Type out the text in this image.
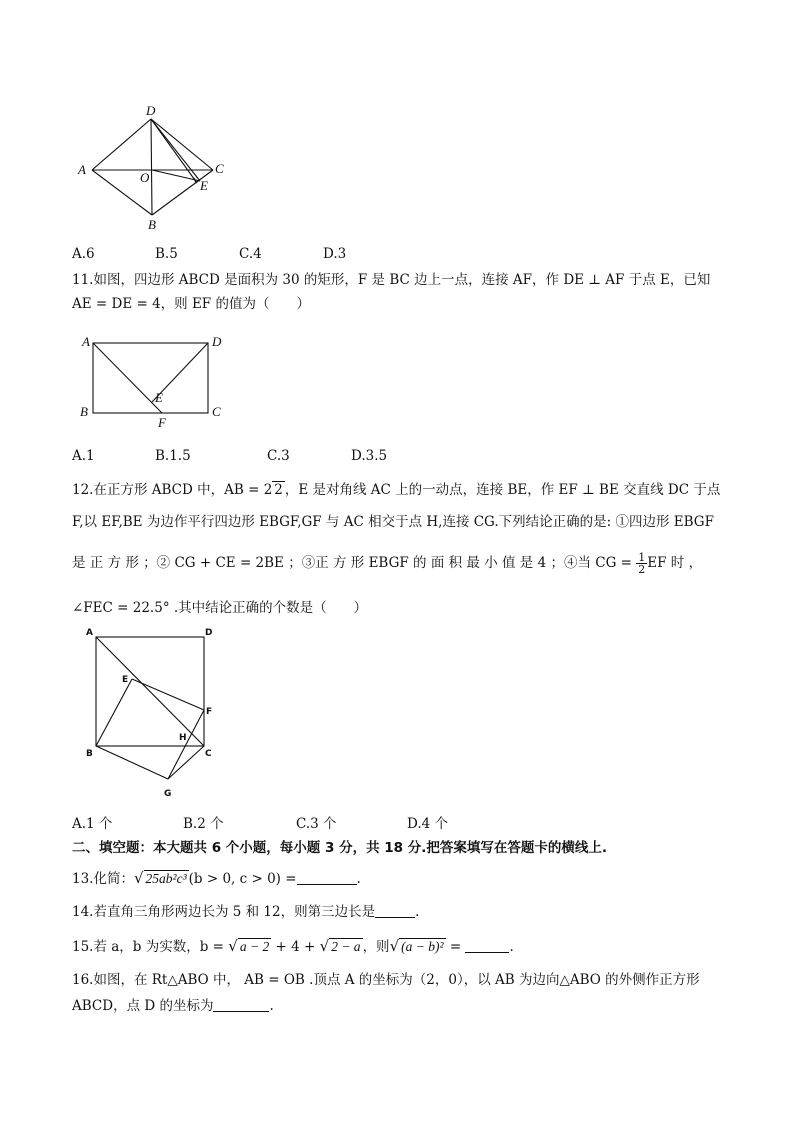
D
A
O
C
E
B
A.6	B.5	C.4	D.3
11.如图，四边形 ABCD 是面积为 30 的矩形，F 是 BC 边上一点，连接 AF，作 DE ⊥ AF 于点 E，已知
AE = DE = 4，则 EF 的值为（　　）
A	D
E
B
F
C
A.1	B.1.5	C.3	D.3.5
12.在正方形 ABCD 中，AB = 2 2 ，E 是对角线 AC 上的一动点，连接 BE，作 EF ⊥ BE 交直线 DC 于点
F,以 EF,BE 为边作平行四边形 EBGF,GF 与 AC 相交于点 H,连接 CG.下列结论正确的是: ①四边形 EBGF
是 正 方 形 ；② CG + CE = 2BE ；③正 方 形 EBGF 的 面 积 最 小 值 是 4 ；④当 CG = $\frac{1}{2}$ EF 时 ，
∠FEC = 22.5° .其中结论正确的个数是（　　）
A	D
E
F
H
B	C
G
A.1 个	B.2 个	C.3 个	D.4 个
二、填空题：本大题共 6 个小题，每小题 3 分，共 18 分.把答案填写在答题卡的横线上.
13.化简：√ 25ab²c³ (b > 0, c > 0) =	.
14.若直角三角形两边长为 5 和 12，则第三边长是	.
15.若 a，b 为实数，b = √ a − 2 + 4 + √ 2 − a ，则√ (a − b)² =	.
16.如图，在 Rt△ABO 中， AB = OB .顶点 A 的坐标为（2，0），以 AB 为边向△ABO 的外侧作正方形
ABCD，点 D 的坐标为	.
